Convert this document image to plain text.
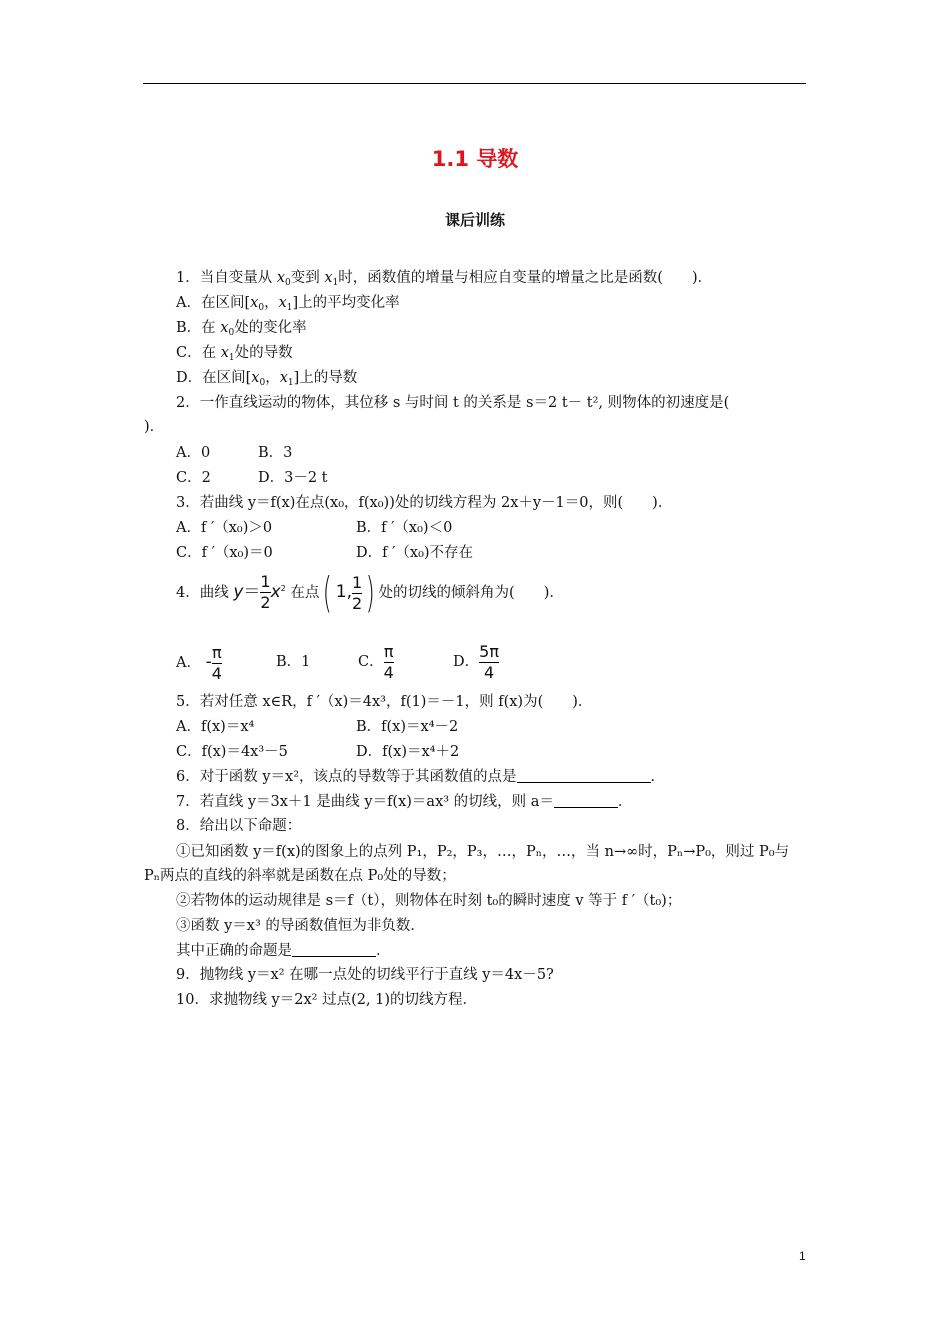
1.1 导数
课后训练
1．当自变量从 $x_0$变到 $x_1$时，函数值的增量与相应自变量的增量之比是函数(　　)．
A．在区间[$x_0$，$x_1$]上的平均变化率
B．在 $x_0$处的变化率
C．在 $x_1$处的导数
D．在区间[$x_0$，$x_1$]上的导数
2．一作直线运动的物体，其位移 s 与时间 t 的关系是 s＝2 t－ t², 则物体的初速度是(
)．
A．0	B．3
C．2	D．3－2 t
3．若曲线 y＝f(x)在点(x₀，f(x₀))处的切线方程为 2x＋y－1＝0，则(　　)．
A．f ′（x₀)＞0	B．f ′（x₀)＜0
C．f ′（x₀)＝0	D．f ′（x₀)不存在
4．曲线 $y= \frac{1}{2} x^2$ 在点( 1, $\frac{1}{2}$ ) 处的切线的倾斜角为(　　)．
A． - $\frac{\pi}{4}$	B．1	C． $\frac{\pi}{4}$	D． $\frac{5\pi}{4}$
5．若对任意 x∈R，f ′（x)＝4x³，f(1)＝－1，则 f(x)为(　　)．
A．f(x)＝x⁴	B．f(x)＝x⁴－2
C．f(x)＝4x³－5	D．f(x)＝x⁴＋2
6．对于函数 y＝x²，该点的导数等于其函数值的点是	．
7．若直线 y＝3x＋1 是曲线 y＝f(x)＝ax³ 的切线，则 a＝	．
8．给出以下命题：
①已知函数 y＝f(x)的图象上的点列 P₁，P₂，P₃，…，Pₙ，…，当 n→∞时，Pₙ→P₀，则过 P₀与
Pₙ两点的直线的斜率就是函数在点 P₀处的导数；
②若物体的运动规律是 s＝f（t），则物体在时刻 t₀的瞬时速度 v 等于 f ′（t₀)；
③函数 y＝x³ 的导函数值恒为非负数．
其中正确的命题是	．
9．抛物线 y＝x² 在哪一点处的切线平行于直线 y＝4x－5?
10．求抛物线 y＝2x² 过点(2, 1)的切线方程．
1
